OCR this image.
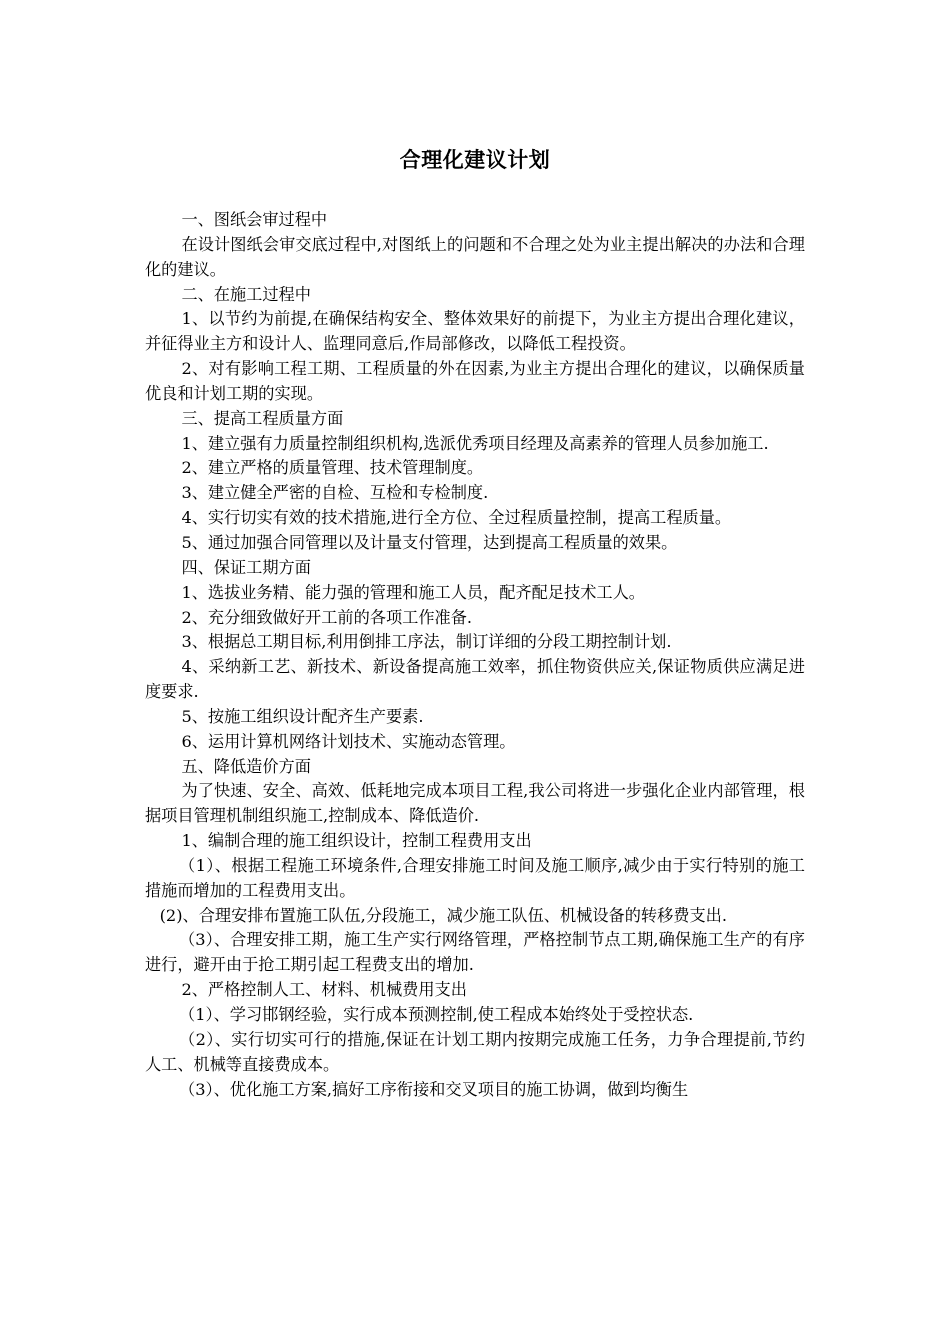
合理化建议计划

一、图纸会审过程中

在设计图纸会审交底过程中,对图纸上的问题和不合理之处为业主提出解决的办法和合理化的建议。

二、在施工过程中

1、以节约为前提,在确保结构安全、整体效果好的前提下，为业主方提出合理化建议，并征得业主方和设计人、监理同意后,作局部修改，以降低工程投资。

2、对有影响工程工期、工程质量的外在因素,为业主方提出合理化的建议，以确保质量优良和计划工期的实现。

三、提高工程质量方面

1、建立强有力质量控制组织机构,选派优秀项目经理及高素养的管理人员参加施工.

2、建立严格的质量管理、技术管理制度。

3、建立健全严密的自检、互检和专检制度.

4、实行切实有效的技术措施,进行全方位、全过程质量控制，提高工程质量。

5、通过加强合同管理以及计量支付管理，达到提高工程质量的效果。

四、保证工期方面

1、选拔业务精、能力强的管理和施工人员，配齐配足技术工人。

2、充分细致做好开工前的各项工作准备.

3、根据总工期目标,利用倒排工序法，制订详细的分段工期控制计划.

4、采纳新工艺、新技术、新设备提高施工效率，抓住物资供应关,保证物质供应满足进度要求.

5、按施工组织设计配齐生产要素.

6、运用计算机网络计划技术、实施动态管理。

五、降低造价方面

为了快速、安全、高效、低耗地完成本项目工程,我公司将进一步强化企业内部管理，根据项目管理机制组织施工,控制成本、降低造价.

1、编制合理的施工组织设计，控制工程费用支出

（1）、根据工程施工环境条件,合理安排施工时间及施工顺序,减少由于实行特别的施工措施而增加的工程费用支出。

(2)、合理安排布置施工队伍,分段施工，减少施工队伍、机械设备的转移费支出.

（3）、合理安排工期，施工生产实行网络管理，严格控制节点工期,确保施工生产的有序进行，避开由于抢工期引起工程费支出的增加.

2、严格控制人工、材料、机械费用支出

（1）、学习邯钢经验，实行成本预测控制,使工程成本始终处于受控状态.

（2）、实行切实可行的措施,保证在计划工期内按期完成施工任务，力争合理提前,节约人工、机械等直接费成本。

（3）、优化施工方案,搞好工序衔接和交叉项目的施工协调，做到均衡生
